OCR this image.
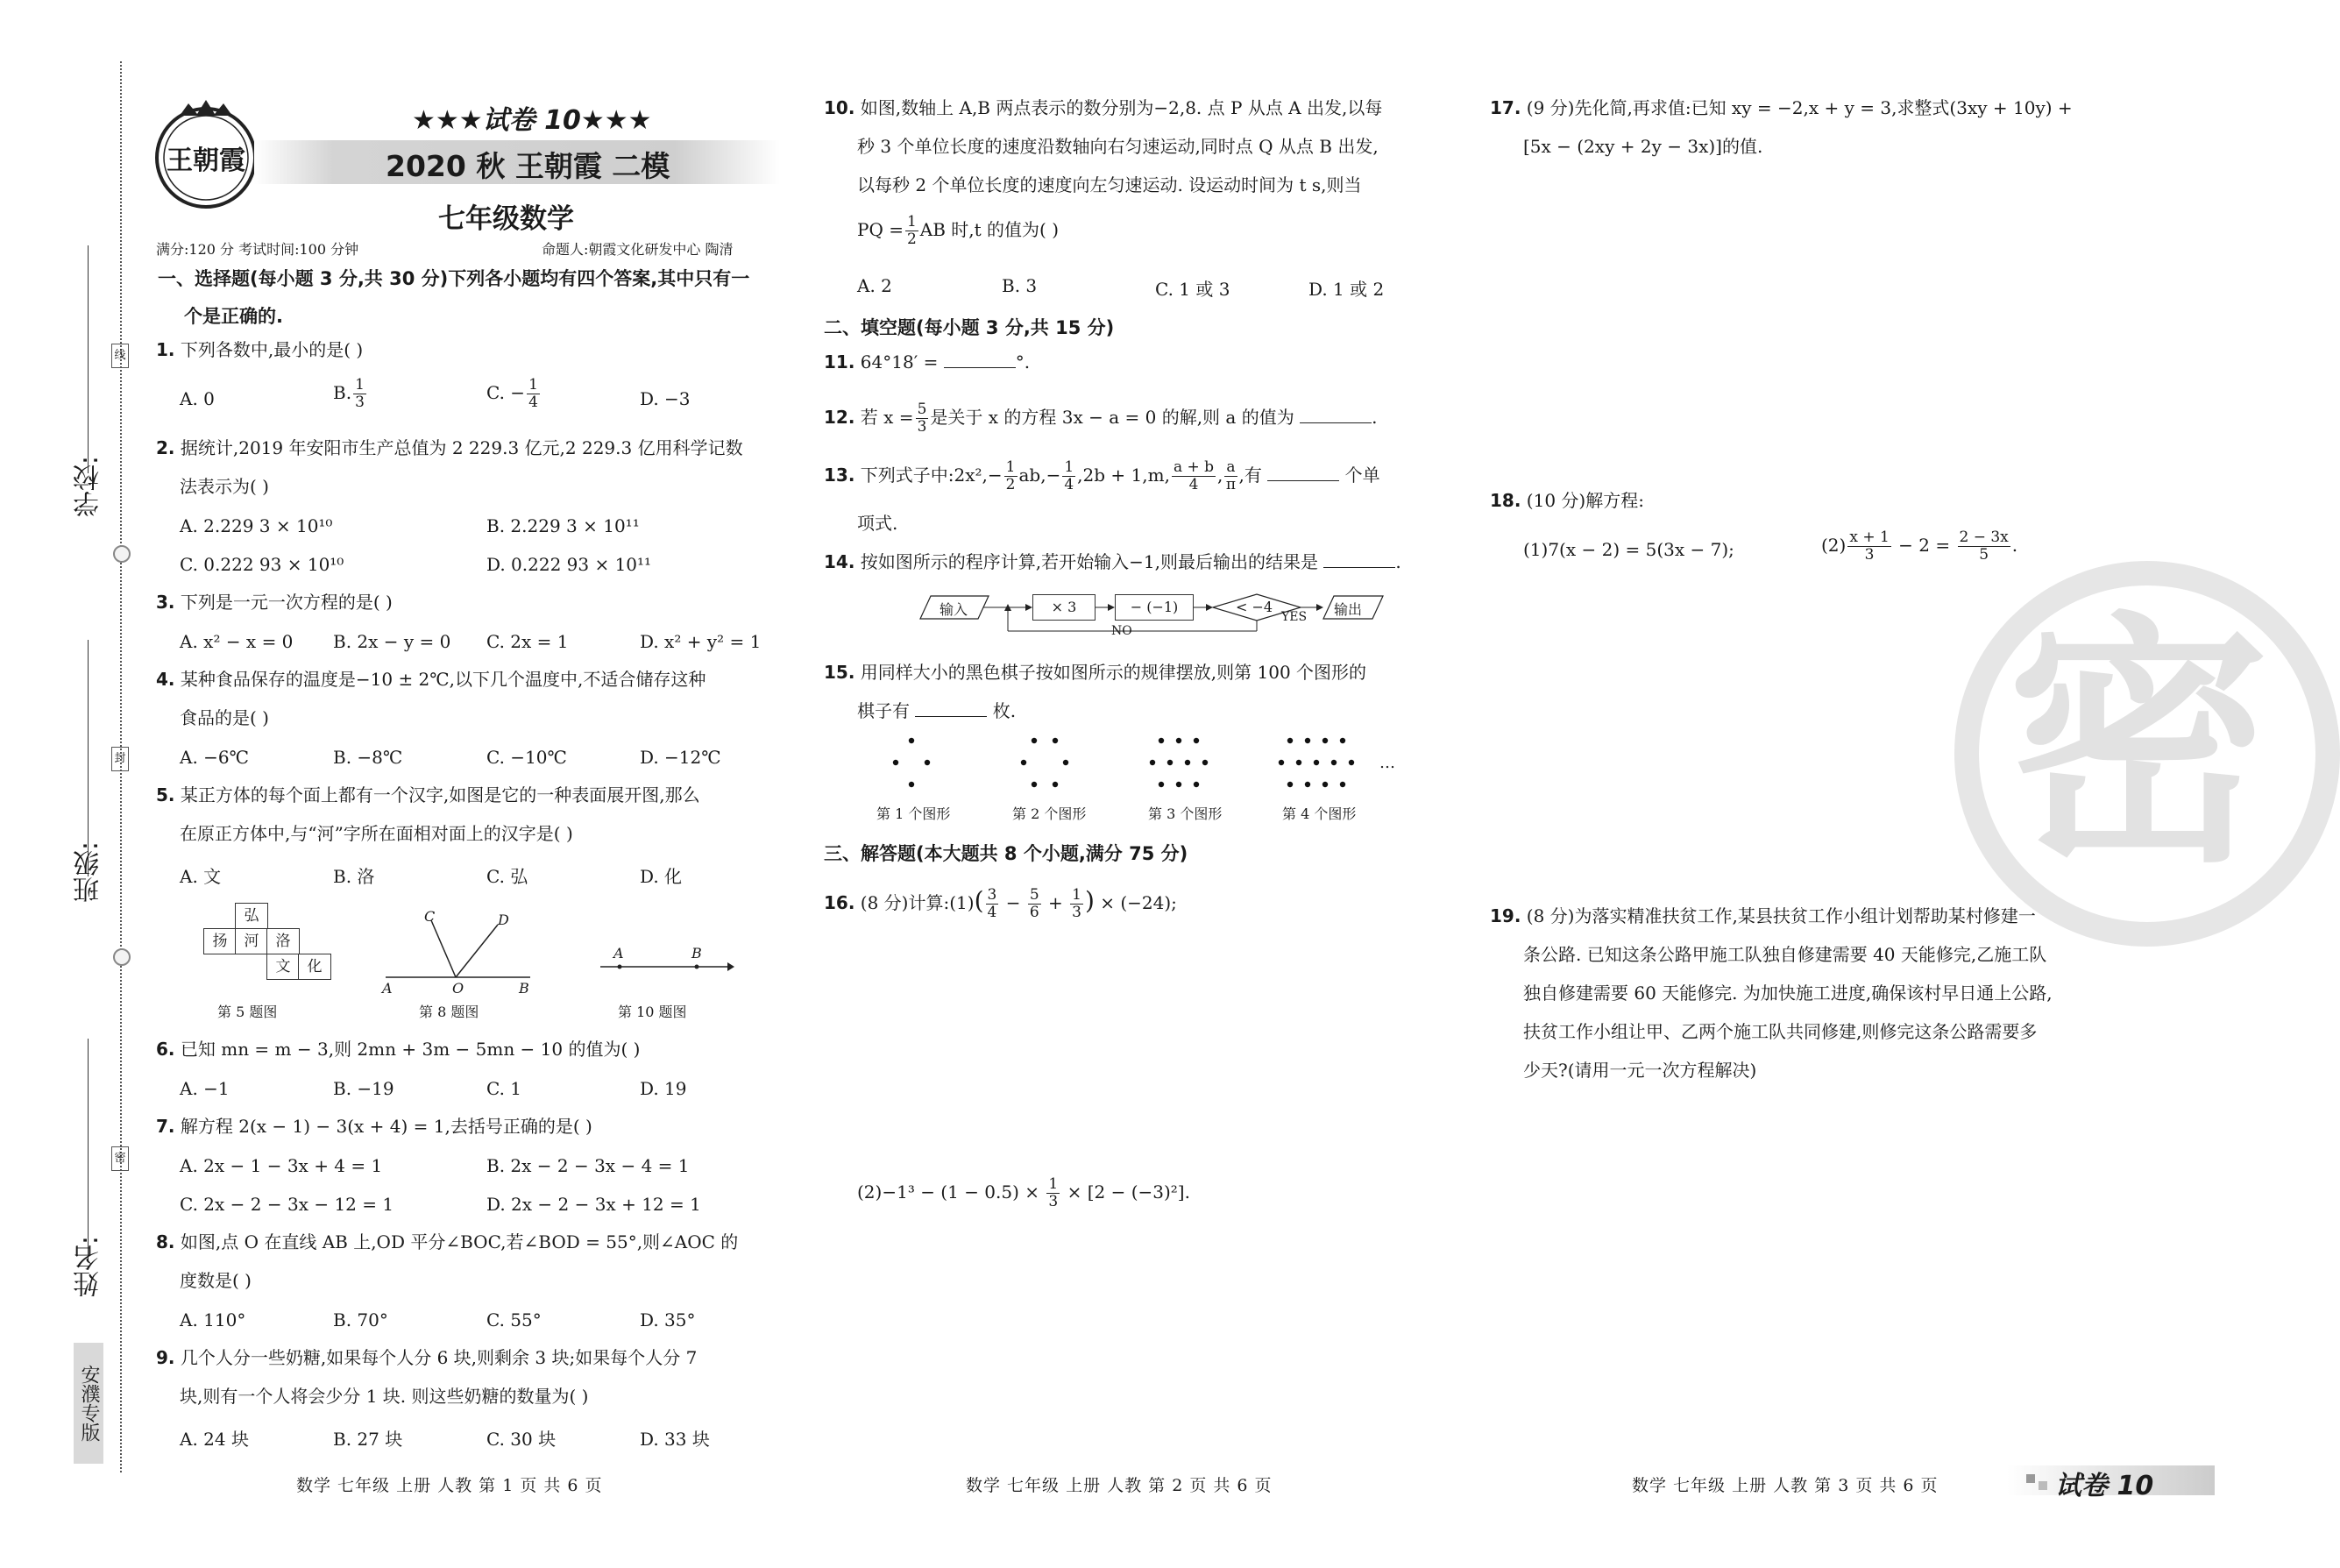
学校:
班级:
姓名:
线
封
密
安濮专版
王朝霞
★★★试卷 10★★★
2020 秋 王朝霞 二模
七年级数学
满分:120 分 考试时间:100 分钟	命题人:朝霞文化研发中心 陶清
一、选择题(每小题 3 分,共 30 分)下列各小题均有四个答案,其中只有一
个是正确的.
1. 下列各数中,最小的是( )
A. 0	B. $\frac{1}{3}$	C. − $\frac{1}{4}$	D. −3
2. 据统计,2019 年安阳市生产总值为 2 229.3 亿元,2 229.3 亿用科学记数
法表示为( )
A. 2.229 3 × 10¹⁰	B. 2.229 3 × 10¹¹
C. 0.222 93 × 10¹⁰	D. 0.222 93 × 10¹¹
3. 下列是一元一次方程的是( )
A. x² − x = 0 B. 2x − y = 0 C. 2x = 1	D. x² + y² = 1
4. 某种食品保存的温度是−10 ± 2℃,以下几个温度中,不适合储存这种
食品的是( )
A. −6℃	B. −8℃	C. −10℃	D. −12℃
5. 某正方体的每个面上都有一个汉字,如图是它的一种表面展开图,那么
在原正方体中,与“河”字所在面相对面上的汉字是( )
A. 文	B. 洛	C. 弘	D. 化
弘
扬	河	洛
文	化
第 5 题图
C	D
A	O	B
第 8 题图
A	B
第 10 题图
6. 已知 mn = m − 3,则 2mn + 3m − 5mn − 10 的值为( )
A. −1	B. −19	C. 1	D. 19
7. 解方程 2(x − 1) − 3(x + 4) = 1,去括号正确的是( )
A. 2x − 1 − 3x + 4 = 1	B. 2x − 2 − 3x − 4 = 1
C. 2x − 2 − 3x − 12 = 1	D. 2x − 2 − 3x + 12 = 1
8. 如图,点 O 在直线 AB 上,OD 平分∠BOC,若∠BOD = 55°,则∠AOC 的
度数是( )
A. 110°	B. 70°	C. 55°	D. 35°
9. 几个人分一些奶糖,如果每个人分 6 块,则剩余 3 块;如果每个人分 7
块,则有一个人将会少分 1 块. 则这些奶糖的数量为( )
A. 24 块	B. 27 块	C. 30 块	D. 33 块
10. 如图,数轴上 A,B 两点表示的数分别为−2,8. 点 P 从点 A 出发,以每
秒 3 个单位长度的速度沿数轴向右匀速运动,同时点 Q 从点 B 出发,
以每秒 2 个单位长度的速度向左匀速运动. 设运动时间为 t s,则当
PQ = $\frac{1}{2}$ AB 时,t 的值为( )
A. 2	B. 3	C. 1 或 3	D. 1 或 2
二、填空题(每小题 3 分,共 15 分)
11. 64°18′ =	°.
12. 若 $x = \frac{5}{3}$ 是关于 x 的方程 3x − a = 0 的解,则 a 的值为	.
13. 下列式子中:2x²,− $\frac{1}{2} ab,- \frac{1}{4} ,2b + 1,m$, $\frac{a + b}{4}$ , $\frac{a}{\pi}$ ,有	个单
项式.
14. 按如图所示的程序计算,若开始输入−1,则最后输出的结果是	.
输入	× 3	− (−1)	< −4	输出
YES
NO
15. 用同样大小的黑色棋子按如图所示的规律摆放,则第 100 个图形的
棋子有	枚.
…
第 1 个图形	第 2 个图形	第 3 个图形	第 4 个图形
三、解答题(本大题共 8 个小题,满分 75 分)
16. (8 分)计算:(1)( $\frac{3}{4} - \frac{5}{6} + \frac{1}{3}$ ) × (−24);
$(2)-1^3 - (1 - 0.5) \times \frac{1}{3} \times [2 - (-3)^2]$.
17. (9 分)先化简,再求值:已知 xy = −2,x + y = 3,求整式(3xy + 10y) +
[5x − (2xy + 2y − 3x)]的值.
18. (10 分)解方程:
(1)7(x − 2) = 5(3x − 7);	$(2) \frac{x + 1}{3} - 2 = \frac{2 - 3x}{5}$ .
19. (8 分)为落实精准扶贫工作,某县扶贫工作小组计划帮助某村修建一
条公路. 已知这条公路甲施工队独自修建需要 40 天能修完,乙施工队
独自修建需要 60 天能修完. 为加快施工进度,确保该村早日通上公路,
扶贫工作小组让甲、乙两个施工队共同修建,则修完这条公路需要多
少天?(请用一元一次方程解决)
密
数学 七年级 上册 人教 第 1 页 共 6 页	数学 七年级 上册 人教 第 2 页 共 6 页	数学 七年级 上册 人教 第 3 页 共 6 页	试卷 10
